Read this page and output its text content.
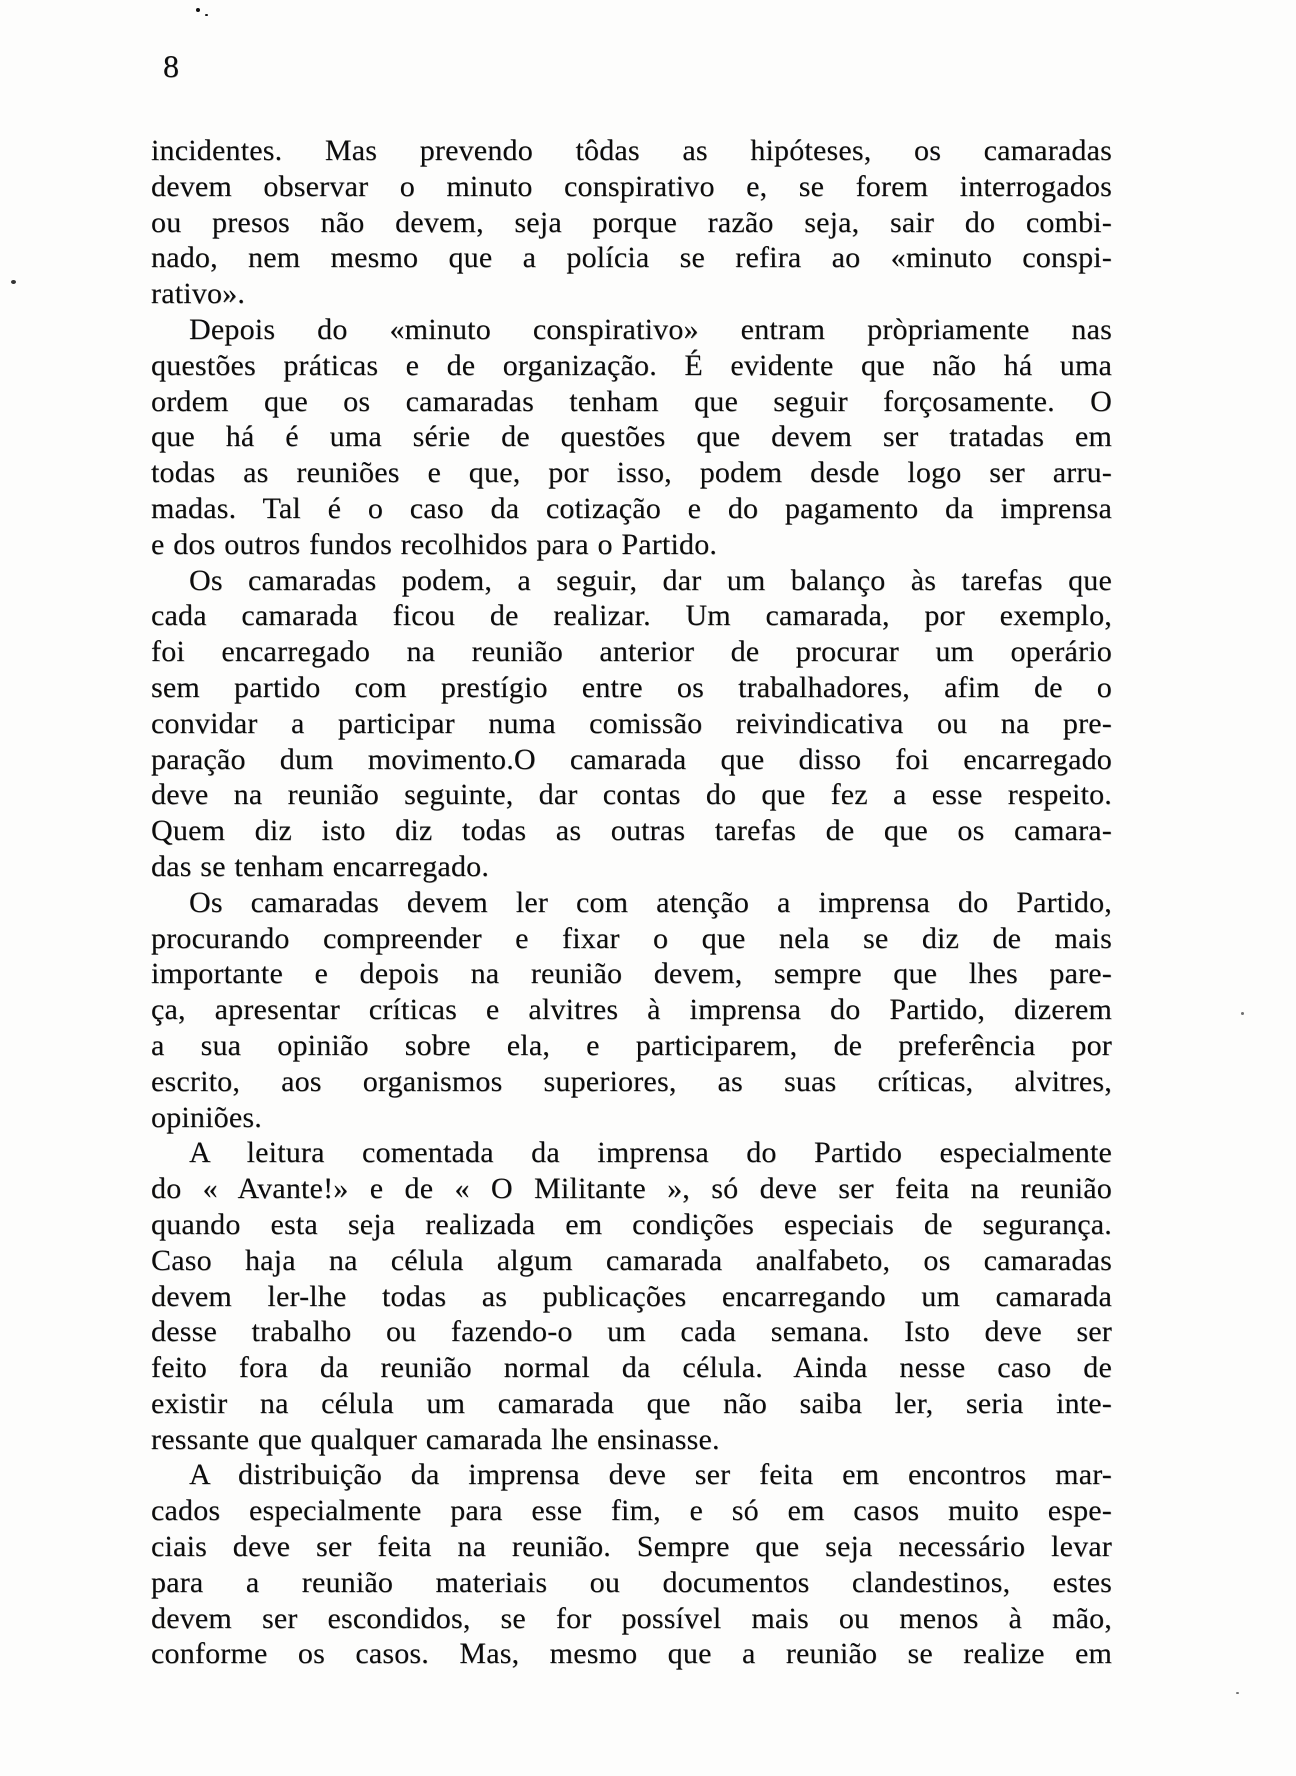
8
incidentes. Mas prevendo tôdas as hipóteses, os camaradas
devem observar o minuto conspirativo e, se forem interrogados
ou presos não devem, seja porque razão seja, sair do combi-
nado, nem mesmo que a polícia se refira ao «minuto conspi-
rativo».
Depois do «minuto conspirativo» entram pròpriamente nas
questões práticas e de organização. É evidente que não há uma
ordem que os camaradas tenham que seguir forçosamente. O
que há é uma série de questões que devem ser tratadas em
todas as reuniões e que, por isso, podem desde logo ser arru-
madas. Tal é o caso da cotização e do pagamento da imprensa
e dos outros fundos recolhidos para o Partido.
Os camaradas podem, a seguir, dar um balanço às tarefas que
cada camarada ficou de realizar. Um camarada, por exemplo,
foi encarregado na reunião anterior de procurar um operário
sem partido com prestígio entre os trabalhadores, afim de o
convidar a participar numa comissão reivindicativa ou na pre-
paração dum movimento.O camarada que disso foi encarregado
deve na reunião seguinte, dar contas do que fez a esse respeito.
Quem diz isto diz todas as outras tarefas de que os camara-
das se tenham encarregado.
Os camaradas devem ler com atenção a imprensa do Partido,
procurando compreender e fixar o que nela se diz de mais
importante e depois na reunião devem, sempre que lhes pare-
ça, apresentar críticas e alvitres à imprensa do Partido, dizerem
a sua opinião sobre ela, e participarem, de preferência por
escrito, aos organismos superiores, as suas críticas, alvitres,
opiniões.
A leitura comentada da imprensa do Partido especialmente
do « Avante!» e de « O Militante », só deve ser feita na reunião
quando esta seja realizada em condições especiais de segurança.
Caso haja na célula algum camarada analfabeto, os camaradas
devem ler-lhe todas as publicações encarregando um camarada
desse trabalho ou fazendo-o um cada semana. Isto deve ser
feito fora da reunião normal da célula. Ainda nesse caso de
existir na célula um camarada que não saiba ler, seria inte-
ressante que qualquer camarada lhe ensinasse.
A distribuição da imprensa deve ser feita em encontros mar-
cados especialmente para esse fim, e só em casos muito espe-
ciais deve ser feita na reunião. Sempre que seja necessário levar
para a reunião materiais ou documentos clandestinos, estes
devem ser escondidos, se for possível mais ou menos à mão,
conforme os casos. Mas, mesmo que a reunião se realize em
